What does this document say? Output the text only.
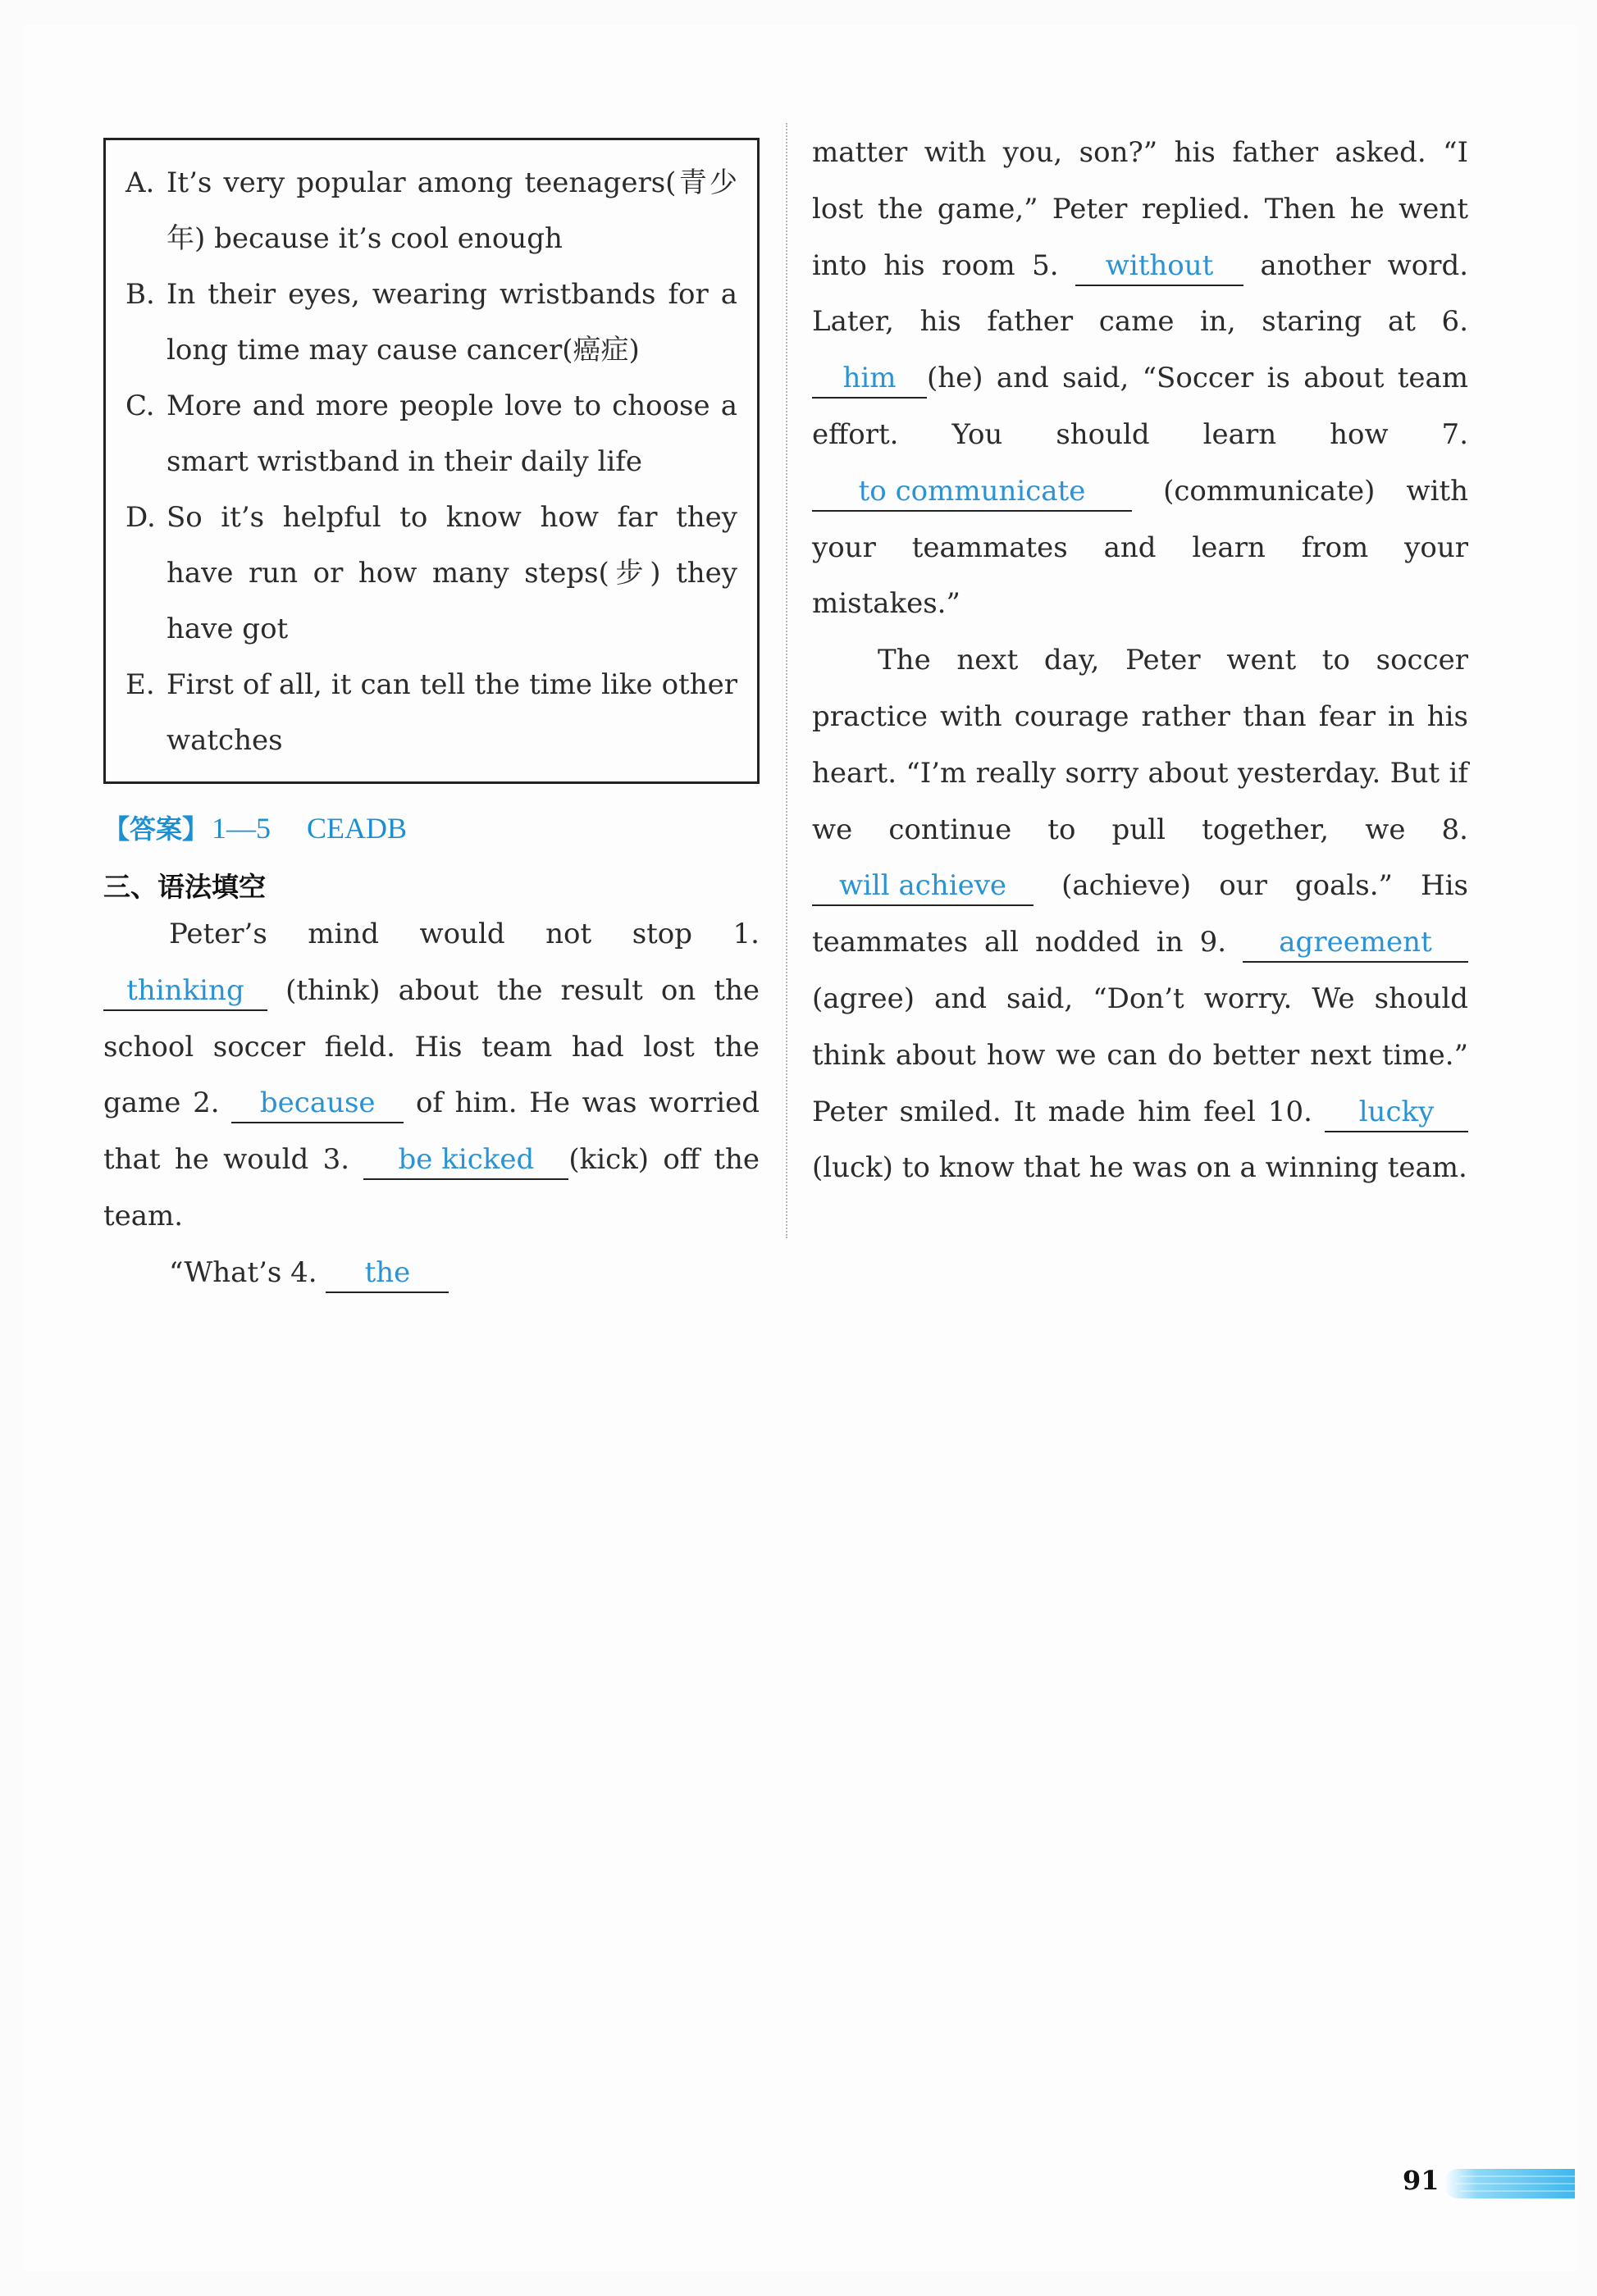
A. It’s very popular among teenagers(青少年) because it’s cool enough
B. In their eyes, wearing wristbands for a long time may cause cancer(癌症)
C. More and more people love to choose a smart wristband in their daily life
D. So it’s helpful to know how far they have run or how many steps(步) they have got
E. First of all, it can tell the time like other watches
【答案】 1—5 CEADB
三、语法填空

Peter’s mind would not stop 1. thinking (think) about the result on the school soccer field. His team had lost the game 2. because of him. He was worried that he would 3. be kicked (kick) off the team.

“What’s 4. the

matter with you, son?” his father asked. “I lost the game,” Peter replied. Then he went into his room 5. without another word. Later, his father came in, staring at 6. him (he) and said, “Soccer is about team effort. You should learn how 7. to communicate	(communicate) with your teammates and learn from your mistakes.”

The next day, Peter went to soccer practice with courage rather than fear in his heart. “I’m really sorry about yesterday. But if we continue to pull together, we 8. will achieve (achieve) our goals.” His teammates all nodded in 9. agreement (agree) and said, “Don’t worry. We should think about how we can do better next time.” Peter smiled. It made him feel 10. lucky (luck) to know that he was on a winning team.

91
